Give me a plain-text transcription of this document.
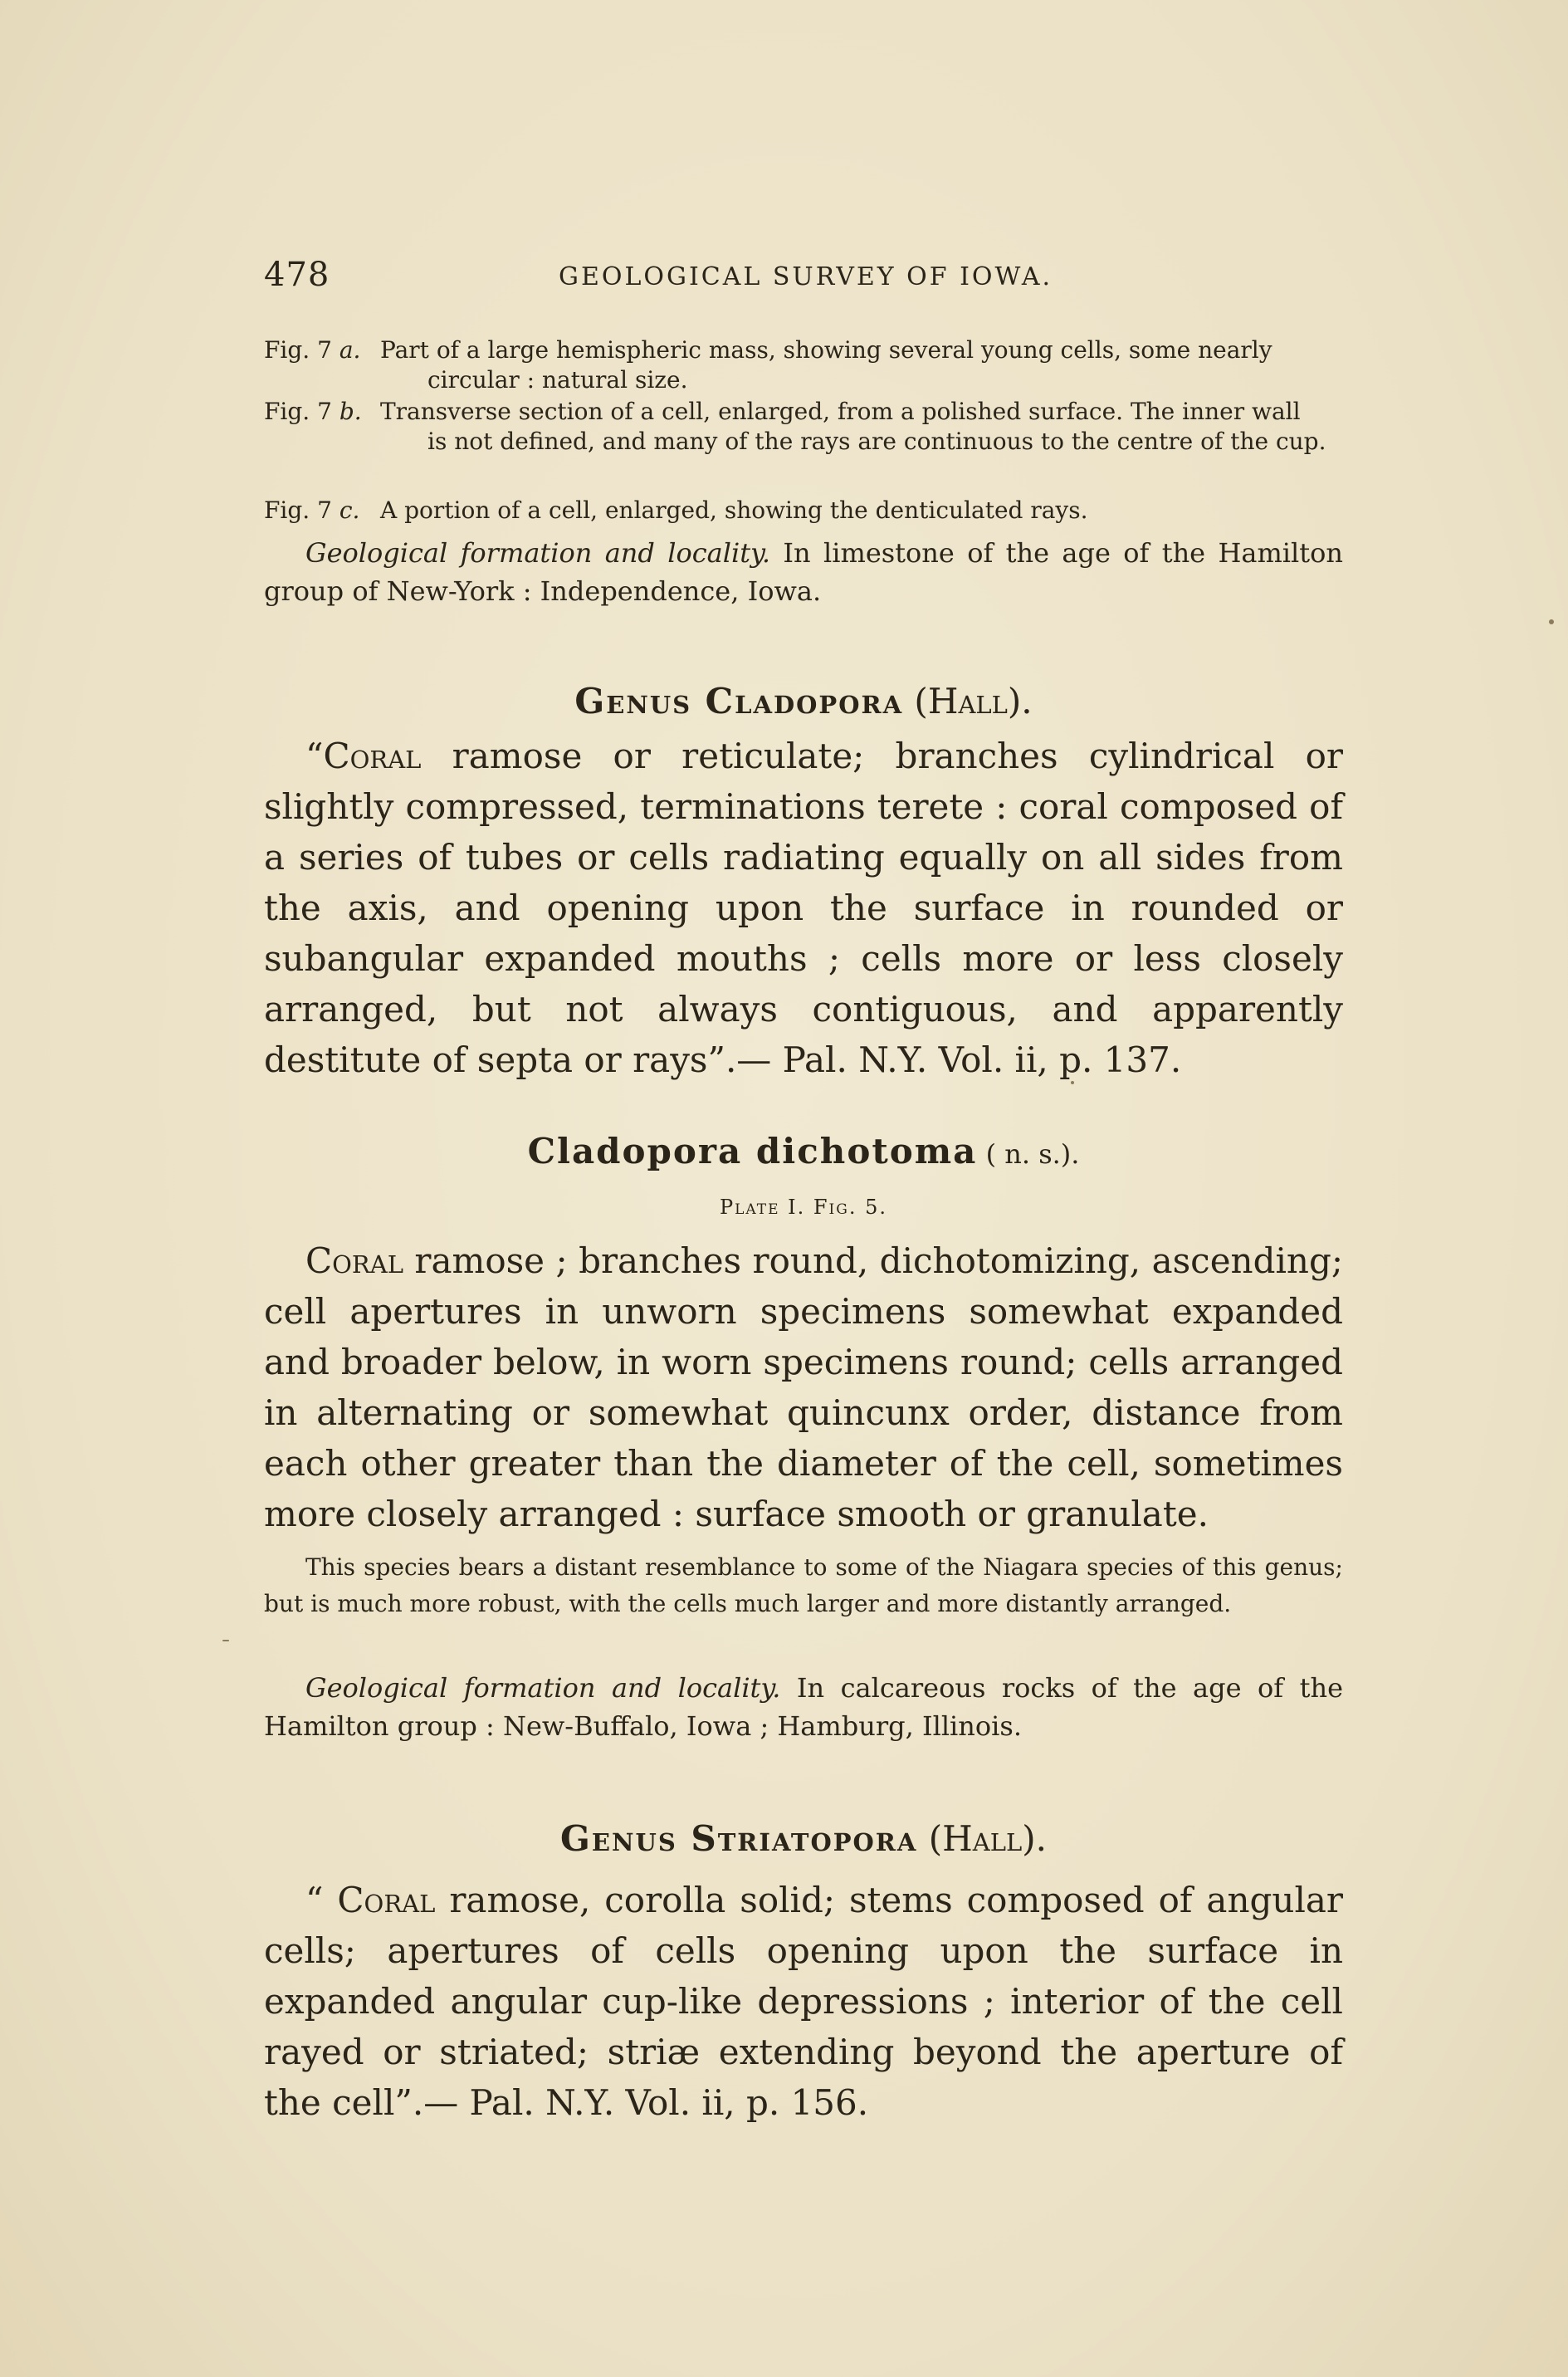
478	GEOLOGICAL SURVEY OF IOWA.
Fig. 7 a. Part of a large hemispheric mass, showing several young cells, some nearly
circular : natural size.
Fig. 7 b. Transverse section of a cell, enlarged, from a polished surface. The inner wall
is not defined, and many of the rays are continuous to the centre of the cup.
Fig. 7 c. A portion of a cell, enlarged, showing the denticulated rays.
Geological formation and locality. In limestone of the age of the Hamilton group of New-York : Independence, Iowa.
Genus Cladopora (Hall).
“Coral ramose or reticulate; branches cylindrical or slightly compressed, terminations terete : coral composed of a series of tubes or cells radiating equally on all sides from the axis, and opening upon the surface in rounded or subangular expanded mouths ; cells more or less closely arranged, but not always contiguous, and apparently destitute of septa or rays”.— Pal. N.Y. Vol. ii, p. 137.
Cladopora dichotoma ( n. s.).
Plate I. Fig. 5.
Coral ramose ; branches round, dichotomizing, ascending; cell apertures in unworn specimens somewhat expanded and broader below, in worn specimens round; cells arranged in alternating or somewhat quincunx order, distance from each other greater than the diameter of the cell, sometimes more closely arranged : surface smooth or granulate.
This species bears a distant resemblance to some of the Niagara species of this genus; but is much more robust, with the cells much larger and more distantly arranged.
Geological formation and locality. In calcareous rocks of the age of the Hamilton group : New-Buffalo, Iowa ; Hamburg, Illinois.
Genus Striatopora (Hall).
“ Coral ramose, corolla solid; stems composed of angular cells; apertures of cells opening upon the surface in expanded angular cup-like depressions ; interior of the cell rayed or striated; striæ extending beyond the aperture of the cell”.— Pal. N.Y. Vol. ii, p. 156.
